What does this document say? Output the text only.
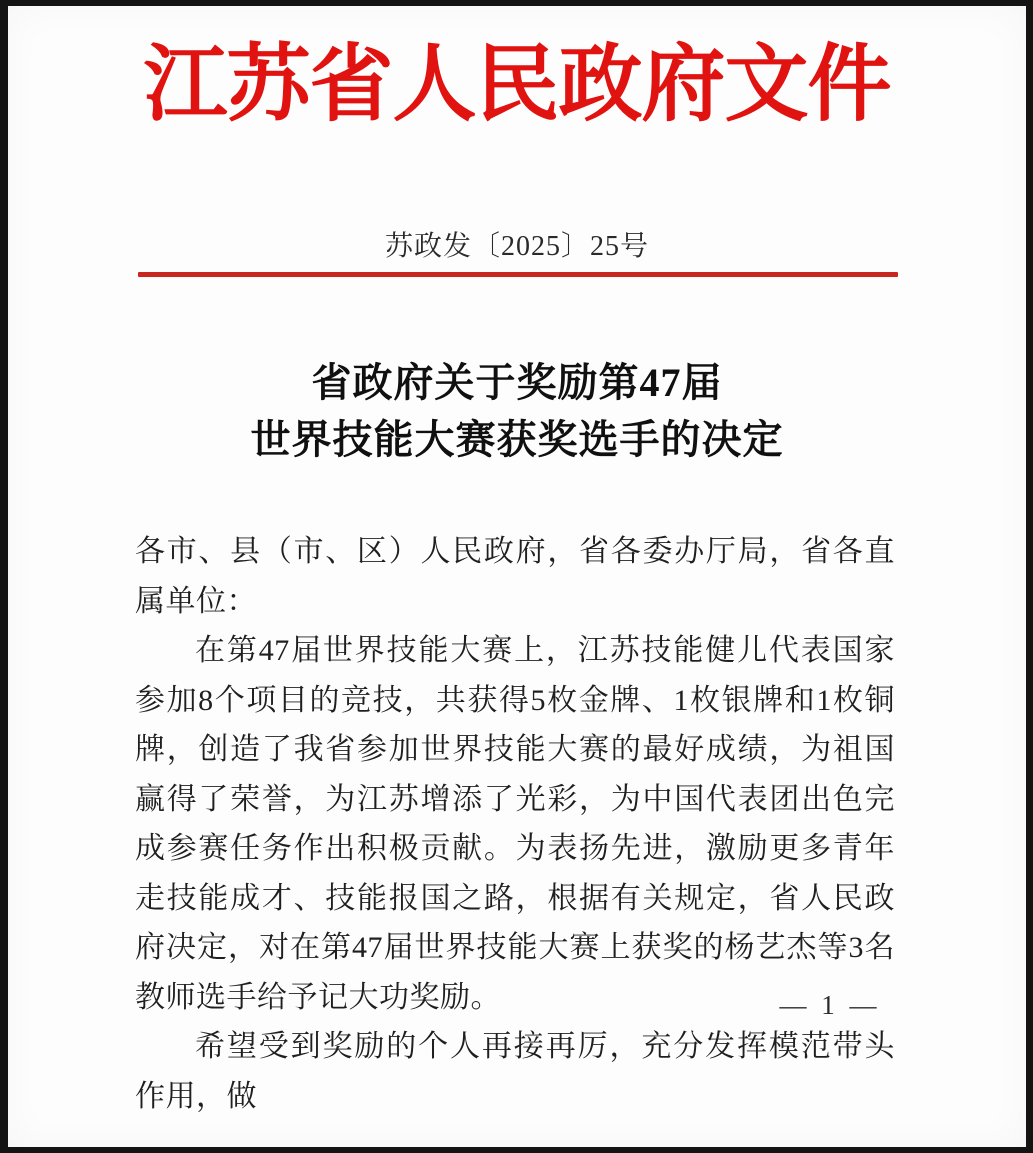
江苏省人民政府文件
苏政发〔2025〕25号
省政府关于奖励第47届
世界技能大赛获奖选手的决定

各市、县（市、区）人民政府，省各委办厅局，省各直属单位：

在第47届世界技能大赛上，江苏技能健儿代表国家参加8个项目的竞技，共获得5枚金牌、1枚银牌和1枚铜牌，创造了我省参加世界技能大赛的最好成绩，为祖国赢得了荣誉，为江苏增添了光彩，为中国代表团出色完成参赛任务作出积极贡献。为表扬先进，激励更多青年走技能成才、技能报国之路，根据有关规定，省人民政府决定，对在第47届世界技能大赛上获奖的杨艺杰等3名教师选手给予记大功奖励。

希望受到奖励的个人再接再厉，充分发挥模范带头作用，做

— 1 —
